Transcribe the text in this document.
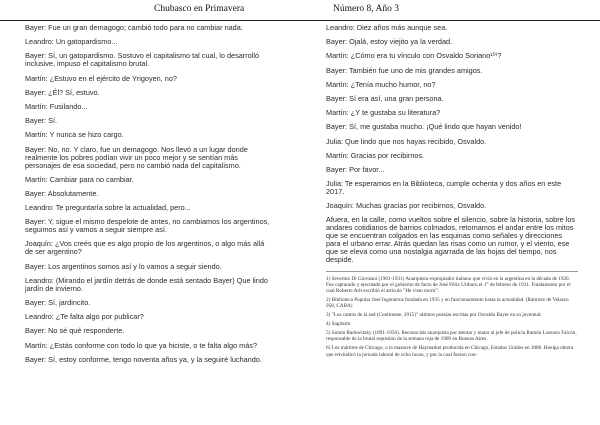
Chubasco en Primavera	Número 8, Año 3

Bayer: Fue un gran demagogo; cambió todo para no cambiar nada.

Leandro: Un gatopardismo...

Bayer: Sí, un gatopardismo. Sostuvo el capitalismo tal cual, lo desarrolló inclusive, impuso el capitalismo brutal.

Martín: ¿Estuvo en el ejército de Yrigoyen, no?

Bayer: ¿Él? Sí, estuvo.

Martín: Fusilando...

Bayer: Sí.

Martín: Y nunca se hizo cargo.

Bayer: No, no. Y claro, fue un demagogo. Nos llevó a un lugar donde realmente los pobres podían vivir un poco mejor y se sentían más personajes de esa sociedad, pero no cambió nada del capitalismo.

Martín: Cambiar para no cambiar.

Bayer: Absolutamente.

Leandro: Te preguntaría sobre la actualidad, pero...

Bayer: Y, sigue el mismo despelote de antes, no cambiamos los argentinos, seguimos así y vamos a seguir siempre así.

Joaquín: ¿Vos creés que es algo propio de los argentinos, o algo más allá de ser argentino?

Bayer: Los argentinos somos así y lo vamos a seguir siendo.

Leandro: (Mirando el jardín detrás de donde está sentado Bayer) Que lindo jardín de invierno.

Bayer: Sí, jardincito.

Leandro: ¿Te falta algo por publicar?

Bayer: No sé qué responderte.

Martín: ¿Estás conforme con todo lo que ya hiciste, o te falta algo más?

Bayer: Sí, estoy conforme, tengo noventa años ya, y la seguiré luchando.

Leandro: Diez años más aunque sea.

Bayer: Ojalá, estoy viejito ya la verdad.

Martín: ¿Cómo era tu vínculo con Osvaldo Soriano¹⁰⁾?

Bayer: También fue uno de mis grandes amigos.

Martín: ¿Tenía mucho humor, no?

Bayer: Sí era así, una gran persona.

Martín: ¿Y te gustaba su literatura?

Bayer: Sí, me gustaba mucho. ¡Qué lindo que hayan venido!

Julia: Que lindo que nos hayas recibido, Osvaldo.

Martín: Gracias por recibirnos.

Bayer: Por favor...

Julia: Te esperamos en la Biblioteca, cumple ochenta y dos años en este 2017.

Joaquín: Muchas gracias por recibirnos, Osvaldo.

Afuera, en la calle, como vueltos sobre el silencio, sobre la historia, sobre los andares cotidianos de barrios colmados, retomamos el andar entre los mitos que se encuentran colgados en las esquinas como señales y direcciones para el urbano errar. Atrás quedan las risas como un rumor, y el viento, ese que se eleva como una nostalgia agarrada de las hojas del tiempo, nos despide.

1) Severino Di Giovanni (1901-1931) Anarquista expropiador italiano que vivió en la argentina en la década de 1920. Fue capturado y ejecutado por el gobierno de facto de José Félix Uriburu el 1° de febrero de 1931. Fundamento por el cual Roberto Arlt escribió el artículo "He visto morir".

2) Biblioteca Popular José Ingenieros fundada en 1935 y en funcionamiento hasta la actualidad. (Ramírez de Velasco 958, CABA)

3) "Los cantos de la sed (Continente, 2015)" ultimos poesías escritas por Osvaldo Bayer en su juventud.

4) Sagitario

5) Simón Radowitzky (1891-1956). Reconocido anarquista por atentar y matar al jefe de policía Ramón Lorenzo Falcón, responsable de la brutal represión de la semana roja de 1909 en Buenos Aires.

6) Los mártires de Chicago, o la masacre de Haymarket producida en Chicago, Estados Unidos en 1886. Huelga obrera que reivindicó la jornada laboral de ocho horas, y por la cual fueron con-
